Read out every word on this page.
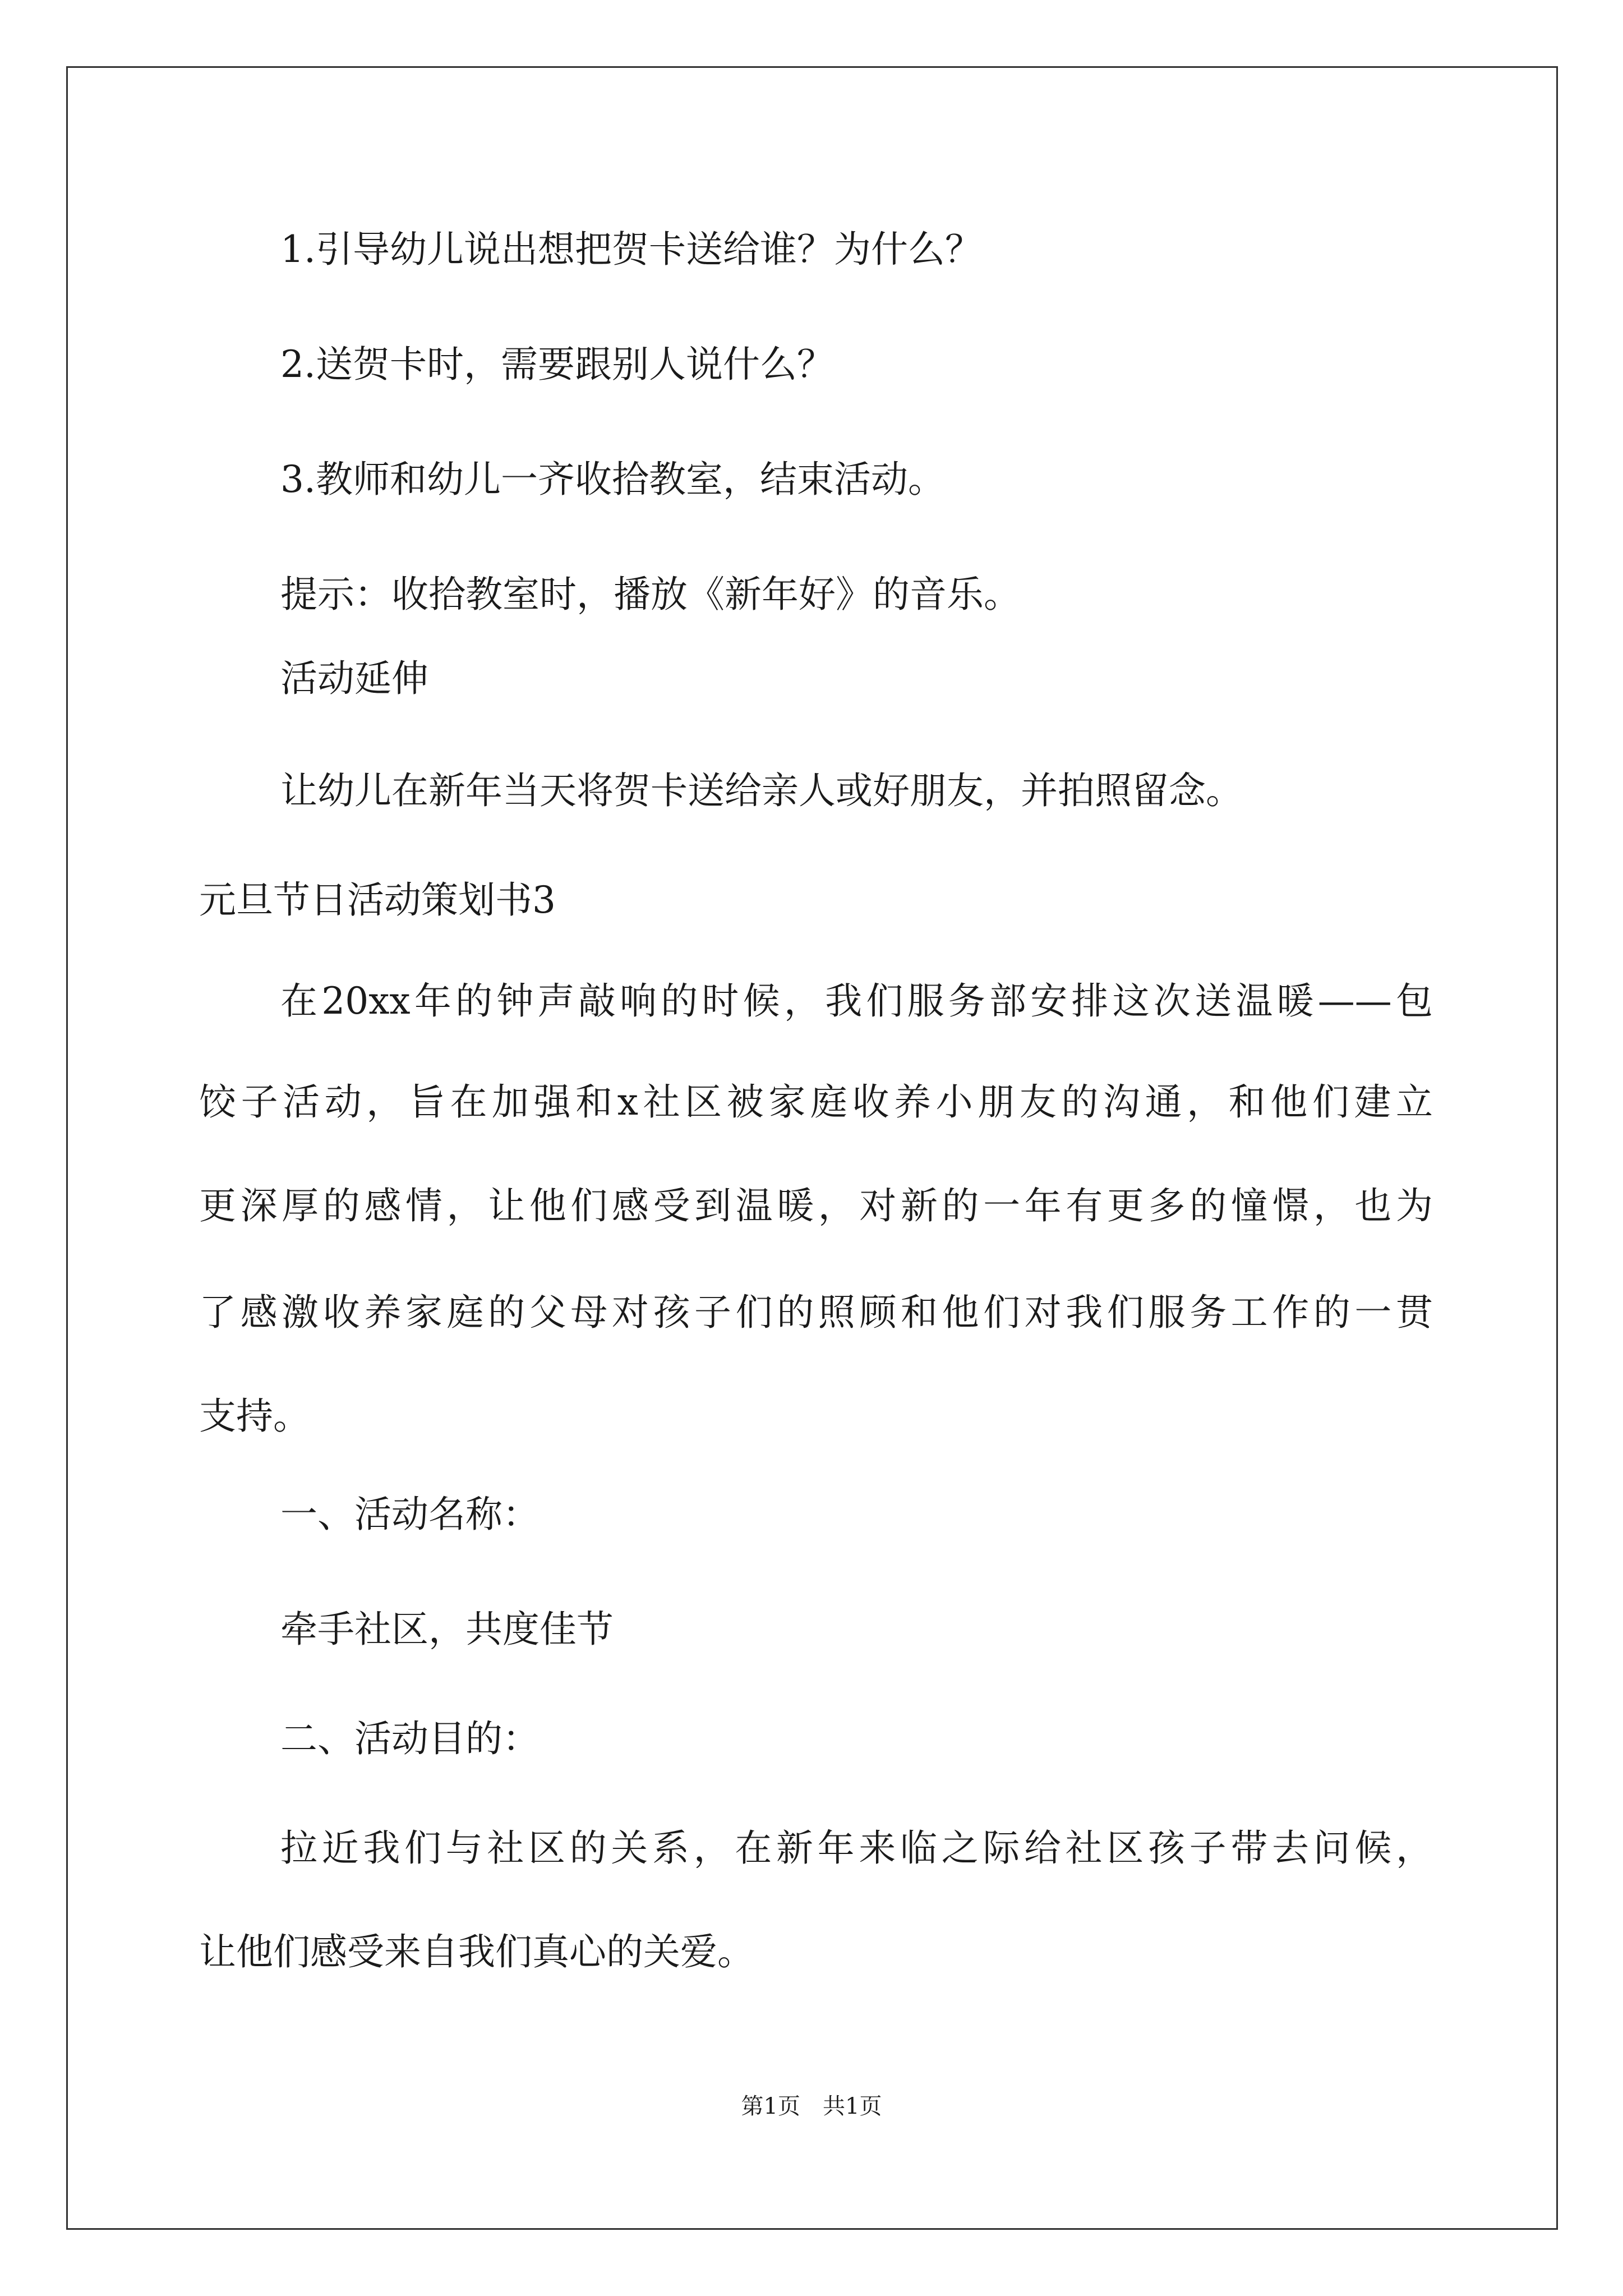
1.引导幼儿说出想把贺卡送给谁？为什么？
2.送贺卡时，需要跟别人说什么？
3.教师和幼儿一齐收拾教室，结束活动。
提示：收拾教室时，播放《新年好》的音乐。
活动延伸
让幼儿在新年当天将贺卡送给亲人或好朋友，并拍照留念。
元旦节日活动策划书3
在20xx年的钟声敲响的时候，我们服务部安排这次送温暖——包
饺子活动，旨在加强和x社区被家庭收养小朋友的沟通，和他们建立
更深厚的感情，让他们感受到温暖，对新的一年有更多的憧憬，也为
了感激收养家庭的父母对孩子们的照顾和他们对我们服务工作的一贯
支持。
一、活动名称：
牵手社区，共度佳节
二、活动目的：
拉近我们与社区的关系，在新年来临之际给社区孩子带去问候，
让他们感受来自我们真心的关爱。
第1页　共1页
